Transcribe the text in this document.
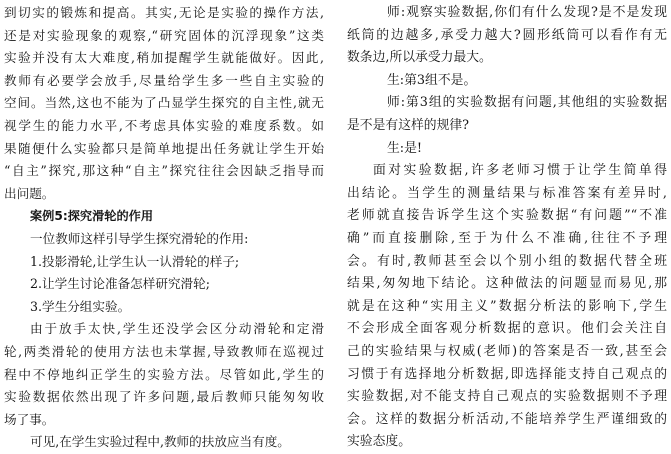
到切实的锻炼和提高。其实,无论是实验的操作方法,
还是对实验现象的观察,“研究固体的沉浮现象”这类
实验并没有太大难度,稍加提醒学生就能做好。因此,
教师有必要学会放手,尽量给学生多一些自主实验的
空间。当然,这也不能为了凸显学生探究的自主性,就无
视学生的能力水平,不考虑具体实验的难度系数。如
果随便什么实验都只是简单地提出任务就让学生开始
“自主”探究,那这种“自主”探究往往会因缺乏指导而
出问题。
案例5:探究滑轮的作用
一位教师这样引导学生探究滑轮的作用:
1.投影滑轮,让学生认一认滑轮的样子;
2.让学生讨论准备怎样研究滑轮;
3.学生分组实验。
由于放手太快,学生还没学会区分动滑轮和定滑
轮,两类滑轮的使用方法也未掌握,导致教师在巡视过
程中不停地纠正学生的实验方法。尽管如此,学生的
实验数据依然出现了许多问题,最后教师只能匆匆收
场了事。
可见,在学生实验过程中,教师的扶放应当有度。
师:观察实验数据,你们有什么发现?是不是发现
纸筒的边越多,承受力越大?圆形纸筒可以看作有无
数条边,所以承受力最大。
生:第3组不是。
师:第3组的实验数据有问题,其他组的实验数据
是不是有这样的规律?
生:是!
面对实验数据,许多老师习惯于让学生简单得
出结论。当学生的测量结果与标准答案有差异时,
老师就直接告诉学生这个实验数据“有问题”“不准
确”而直接删除,至于为什么不准确,往往不予理
会。有时,教师甚至会以个别小组的数据代替全班
结果,匆匆地下结论。这种做法的问题显而易见,那
就是在这种“实用主义”数据分析法的影响下,学生
不会形成全面客观分析数据的意识。他们会关注自
己的实验结果与权威(老师)的答案是否一致,甚至会
习惯于有选择地分析数据,即选择能支持自己观点的
实验数据,对不能支持自己观点的实验数据则不予理
会。这样的数据分析活动,不能培养学生严谨细致的
实验态度。
